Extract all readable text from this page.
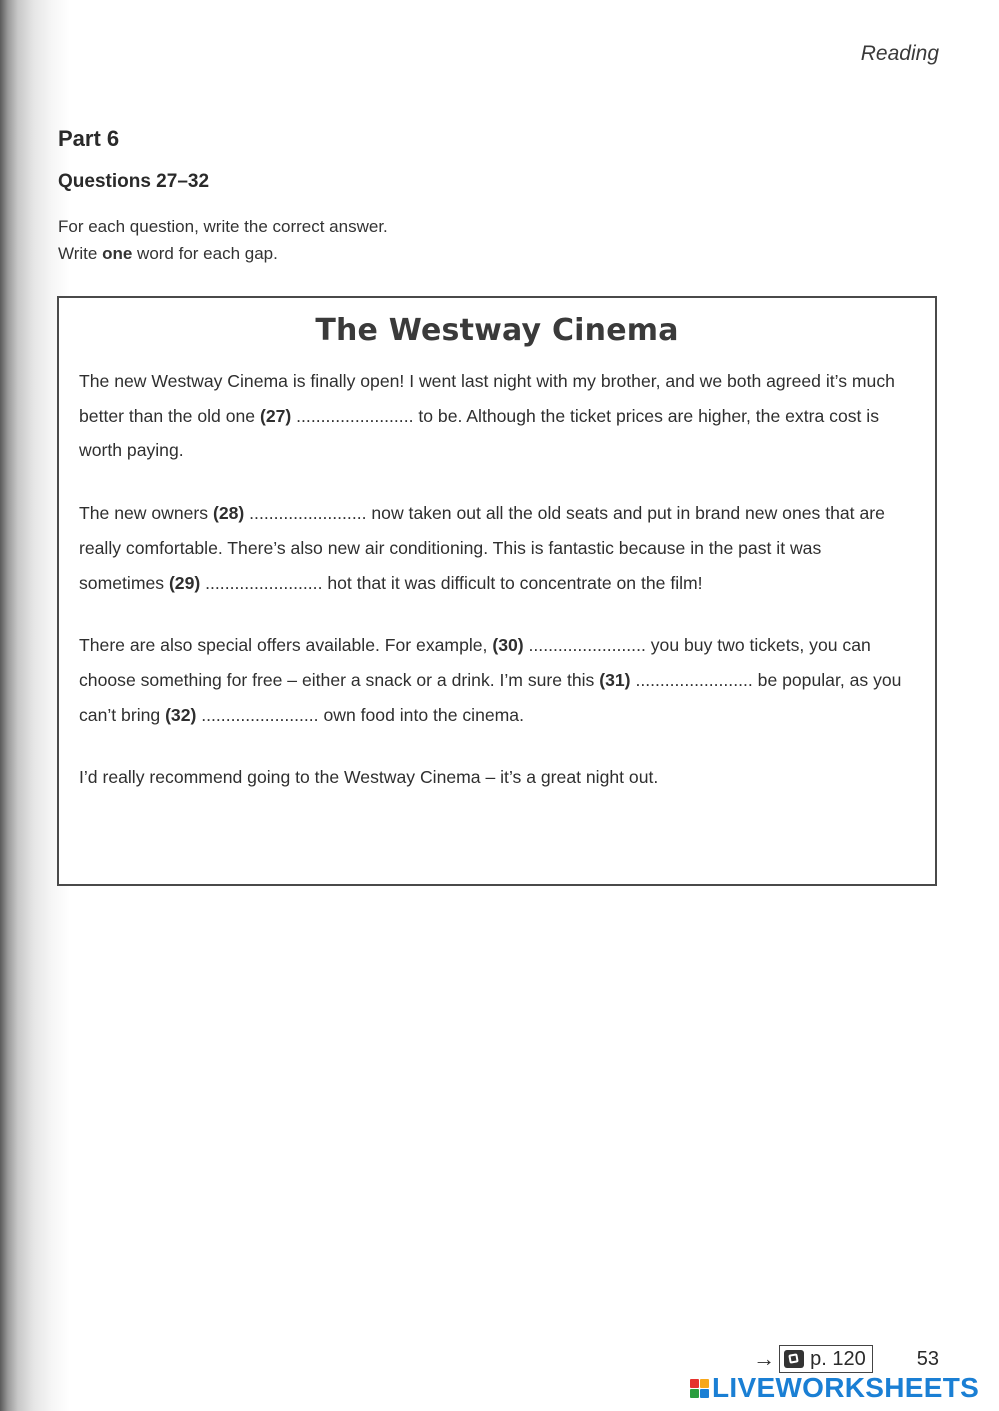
Reading
Part 6
Questions 27–32
For each question, write the correct answer.
Write one word for each gap.
The Westway Cinema

The new Westway Cinema is finally open! I went last night with my brother, and we both agreed it’s much better than the old one (27) ........................ to be. Although the ticket prices are higher, the extra cost is worth paying.

The new owners (28) ........................ now taken out all the old seats and put in brand new ones that are really comfortable. There’s also new air conditioning. This is fantastic because in the past it was sometimes (29) ........................ hot that it was difficult to concentrate on the film!

There are also special offers available. For example, (30) ........................ you buy two tickets, you can choose something for free – either a snack or a drink. I’m sure this (31) ........................ be popular, as you can’t bring (32) ........................ own food into the cinema.

I’d really recommend going to the Westway Cinema – it’s a great night out.

→ p. 120	53
LIVEWORKSHEETS
